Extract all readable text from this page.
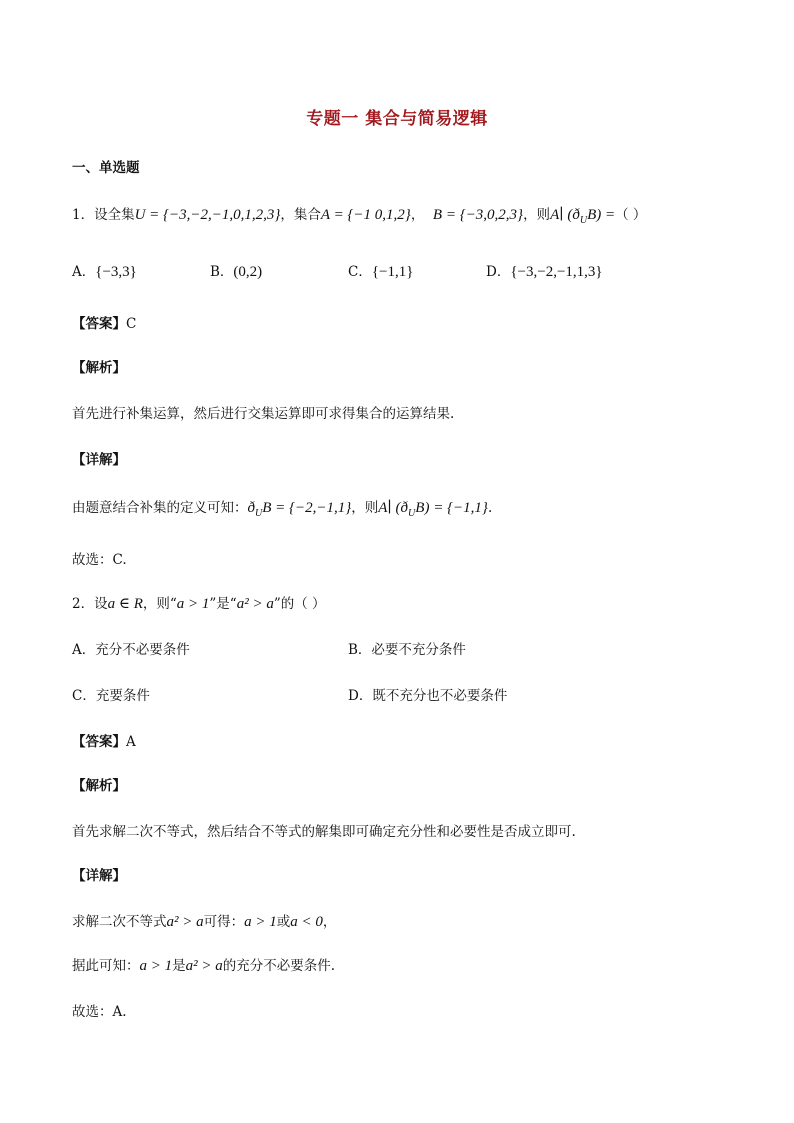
专题一 集合与简易逻辑
一、单选题
1．设全集U = {−3,−2,−1,0,1,2,3}，集合A = {−1 0,1,2}， B = {−3,0,2,3}，则A∣ $(ð_UB)$ =（ ）
A．{−3,3}	B．(0,2)	C．{−1,1}	D．{−3,−2,−1,1,3}
【答案】C
【解析】
首先进行补集运算，然后进行交集运算即可求得集合的运算结果.
【详解】
由题意结合补集的定义可知：$ð_UB = \{-2,-1,1\}$，则A∣ $(ð_UB) = \{-1,1\}$.
故选：C.
2．设a ∈ R，则“a > 1”是“a² > a”的（ ）
A．充分不必要条件	B．必要不充分条件
C．充要条件	D．既不充分也不必要条件
【答案】A
【解析】
首先求解二次不等式，然后结合不等式的解集即可确定充分性和必要性是否成立即可.
【详解】
求解二次不等式a² > a可得：a > 1或a < 0，
据此可知：a > 1是a² > a的充分不必要条件.
故选：A.
